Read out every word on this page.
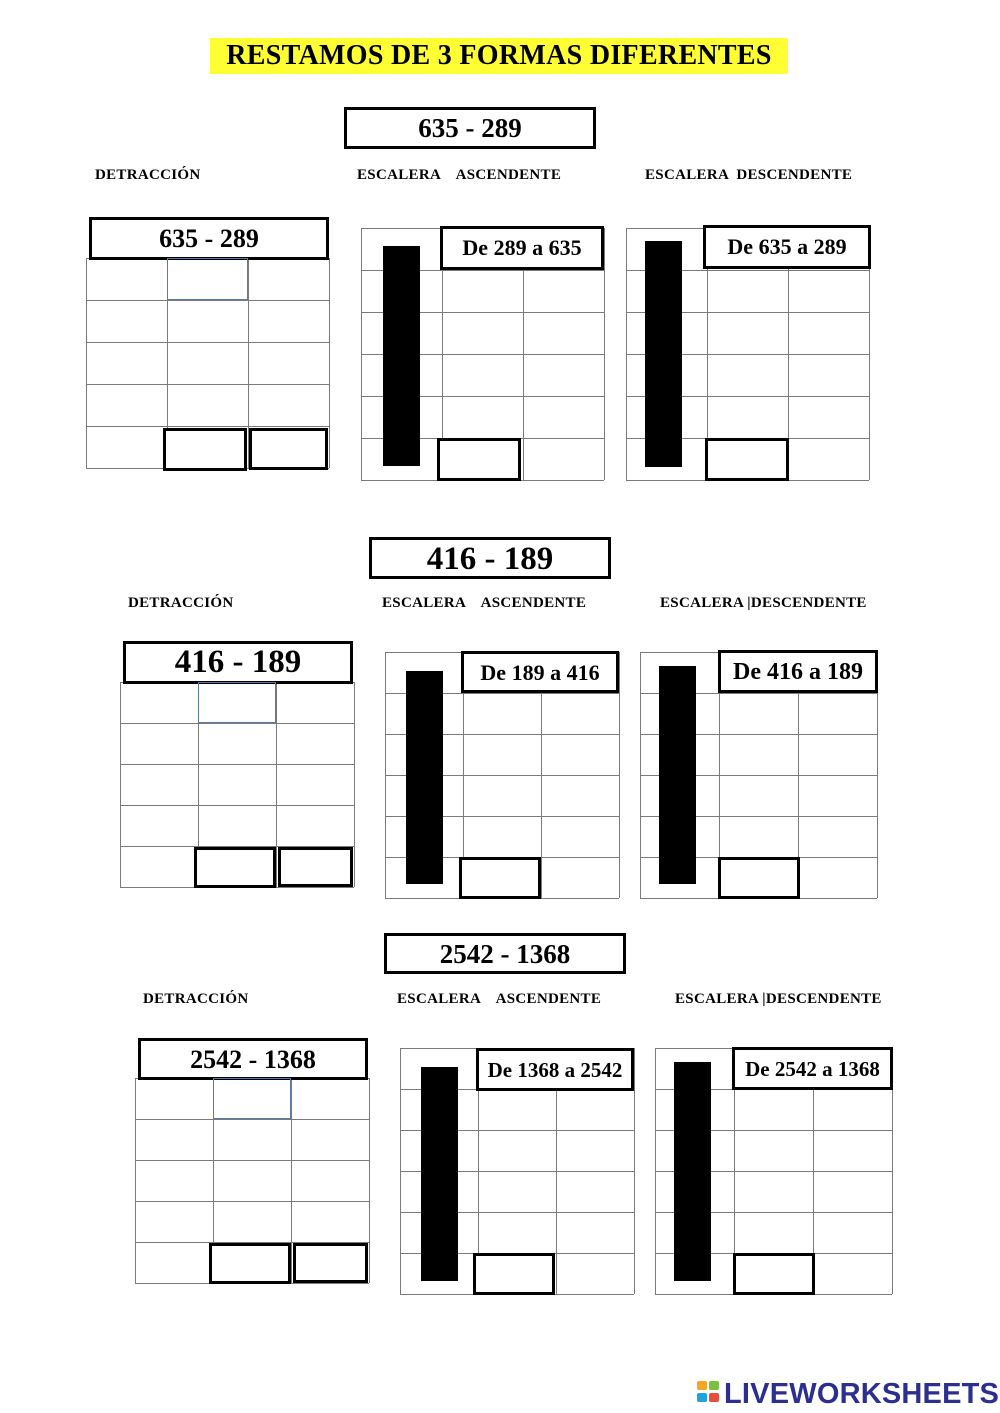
RESTAMOS DE 3 FORMAS DIFERENTES
635 - 289
DETRACCIÓN	ESCALERA    ASCENDENTE	ESCALERA  DESCENDENTE
635 - 289	De 289 a 635	De 635 a 289
416 - 189
DETRACCIÓN	ESCALERA    ASCENDENTE	ESCALERA |DESCENDENTE
416 - 189	De 189 a 416	De 416 a 189
2542 - 1368
DETRACCIÓN	ESCALERA    ASCENDENTE	ESCALERA |DESCENDENTE
2542 - 1368	De 1368 a 2542	De 2542 a 1368
LIVEWORKSHEETS
